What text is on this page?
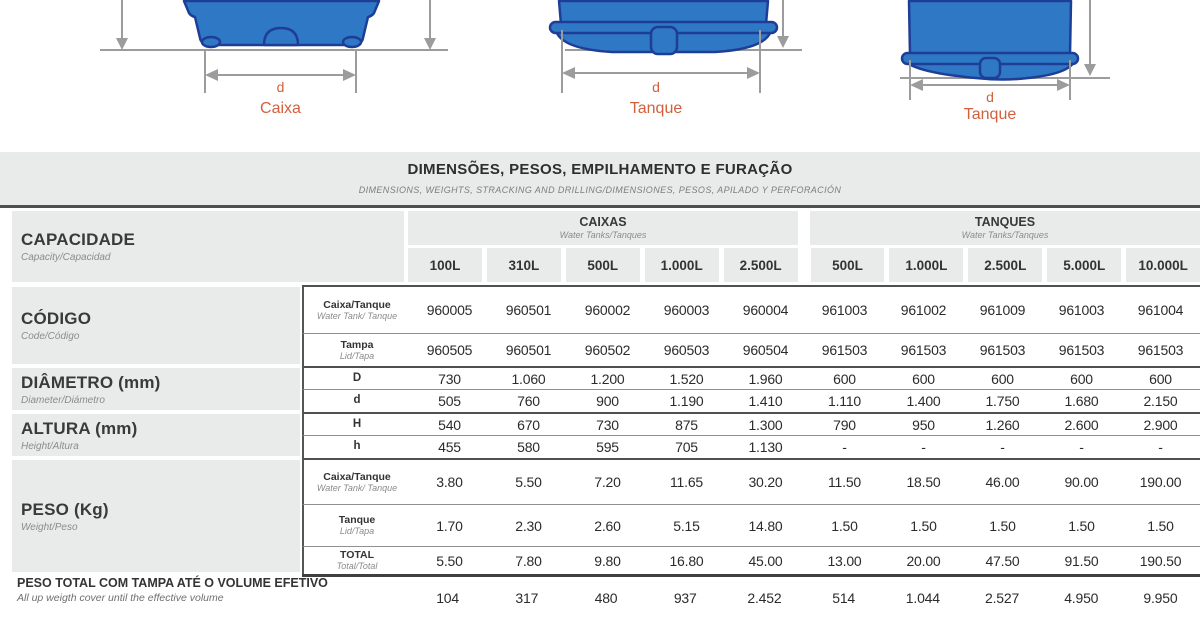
d
Caixa
d
Tanque
d
Tanque
DIMENSÕES, PESOS, EMPILHAMENTO E FURAÇÃO
DIMENSIONS, WEIGHTS, STRACKING AND DRILLING/DIMENSIONES, PESOS, APILADO Y PERFORACIÓN
CAPACIDADE
Capacity/Capacidad
CÓDIGO
Code/Código
DIÂMETRO (mm)
Diameter/Diámetro
ALTURA (mm)
Height/Altura
PESO (Kg)
Weight/Peso
PESO TOTAL COM TAMPA ATÉ O VOLUME EFETIVO
All up weigth cover until the effective volume
CAIXAS
Water Tanks/Tanques
TANQUES
Water Tanks/Tanques
100L	310L	500L	1.000L	2.500L	500L	1.000L	2.500L	5.000L	10.000L
Caixa/Tanque
Water Tank/ Tanque	960005	960501	960002	960003	960004	961003	961002	961009	961003	961004
Tampa
Lid/Tapa	960505	960501	960502	960503	960504	961503	961503	961503	961503	961503
D	730	1.060	1.200	1.520	1.960	600	600	600	600	600
d	505	760	900	1.190	1.410	1.110	1.400	1.750	1.680	2.150
H	540	670	730	875	1.300	790	950	1.260	2.600	2.900
h	455	580	595	705	1.130	-	-	-	-	-
Caixa/Tanque
Water Tank/ Tanque	3.80	5.50	7.20	11.65	30.20	11.50	18.50	46.00	90.00	190.00
Tanque
Lid/Tapa	1.70	2.30	2.60	5.15	14.80	1.50	1.50	1.50	1.50	1.50
TOTAL
Total/Total	5.50	7.80	9.80	16.80	45.00	13.00	20.00	47.50	91.50	190.50
104	317	480	937	2.452	514	1.044	2.527	4.950	9.950
